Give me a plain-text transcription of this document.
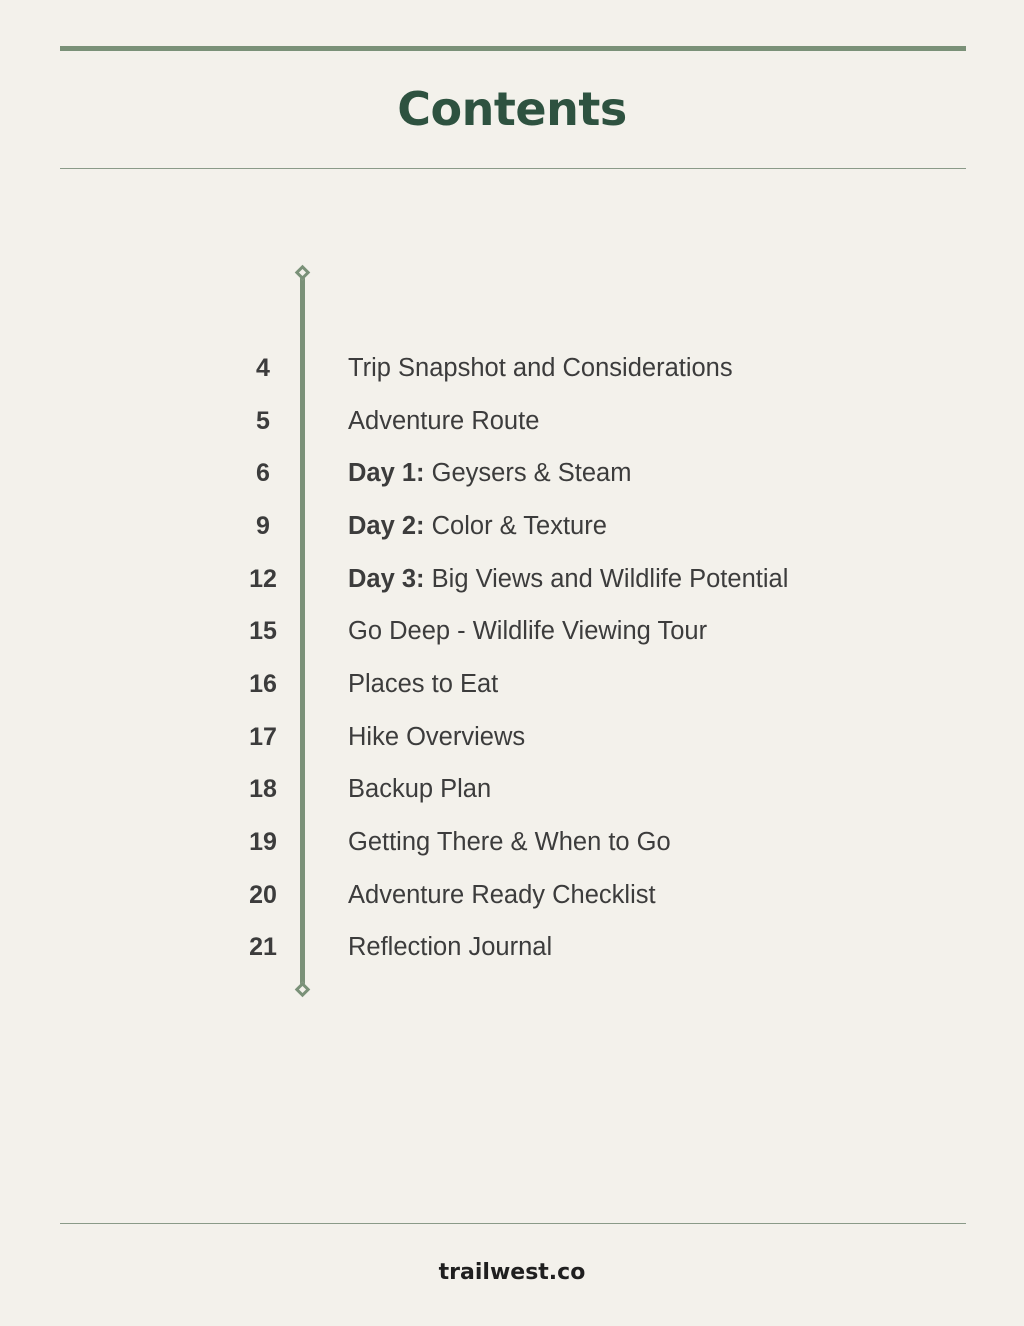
Contents
4	Trip Snapshot and Considerations
5	Adventure Route
6	Day 1: Geysers & Steam
9	Day 2: Color & Texture
12	Day 3: Big Views and Wildlife Potential
15	Go Deep - Wildlife Viewing Tour
16	Places to Eat
17	Hike Overviews
18	Backup Plan
19	Getting There & When to Go
20	Adventure Ready Checklist
21	Reflection Journal
trailwest.co
